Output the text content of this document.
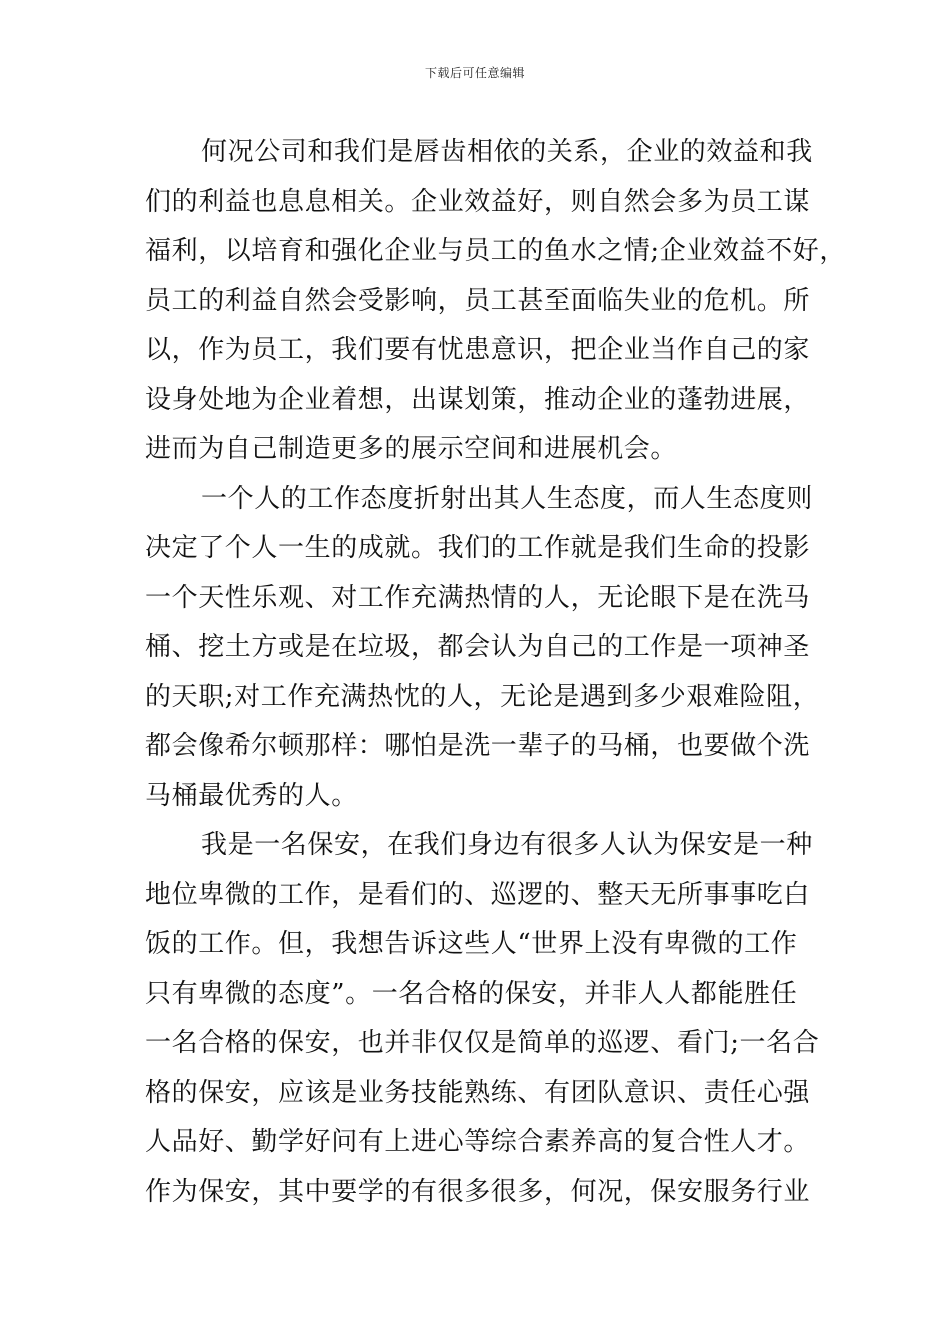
下载后可任意编辑
何况公司和我们是唇齿相依的关系，企业的效益和我
们的利益也息息相关。企业效益好，则自然会多为员工谋
福利，以培育和强化企业与员工的鱼水之情;企业效益不好，
员工的利益自然会受影响，员工甚至面临失业的危机。所
以，作为员工，我们要有忧患意识，把企业当作自己的家
设身处地为企业着想，出谋划策，推动企业的蓬勃进展，
进而为自己制造更多的展示空间和进展机会。
一个人的工作态度折射出其人生态度，而人生态度则
决定了个人一生的成就。我们的工作就是我们生命的投影
一个天性乐观、对工作充满热情的人，无论眼下是在洗马
桶、挖土方或是在垃圾，都会认为自己的工作是一项神圣
的天职;对工作充满热忱的人，无论是遇到多少艰难险阻，
都会像希尔顿那样：哪怕是洗一辈子的马桶，也要做个洗
马桶最优秀的人。
我是一名保安，在我们身边有很多人认为保安是一种
地位卑微的工作，是看们的、巡逻的、整天无所事事吃白
饭的工作。但，我想告诉这些人“世界上没有卑微的工作
只有卑微的态度”。一名合格的保安，并非人人都能胜任
一名合格的保安，也并非仅仅是简单的巡逻、看门;一名合
格的保安，应该是业务技能熟练、有团队意识、责任心强
人品好、勤学好问有上进心等综合素养高的复合性人才。
作为保安，其中要学的有很多很多，何况，保安服务行业
